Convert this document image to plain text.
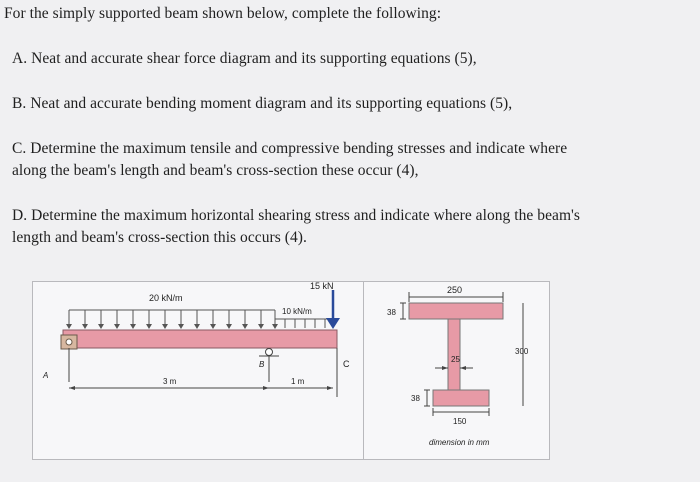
For the simply supported beam shown below, complete the following:
A. Neat and accurate shear force diagram and its supporting equations (5),
B. Neat and accurate bending moment diagram and its supporting equations (5),
C. Determine the maximum tensile and compressive bending stresses and indicate where
along the beam's length and beam's cross-section these occur (4),
D. Determine the maximum horizontal shearing stress and indicate where along the beam's
length and beam's cross-section this occurs (4).
20 kN/m
10 kN/m
15 kN
A
B	C
3 m	1 m
250
38
300
25
38
150
dimension in mm
